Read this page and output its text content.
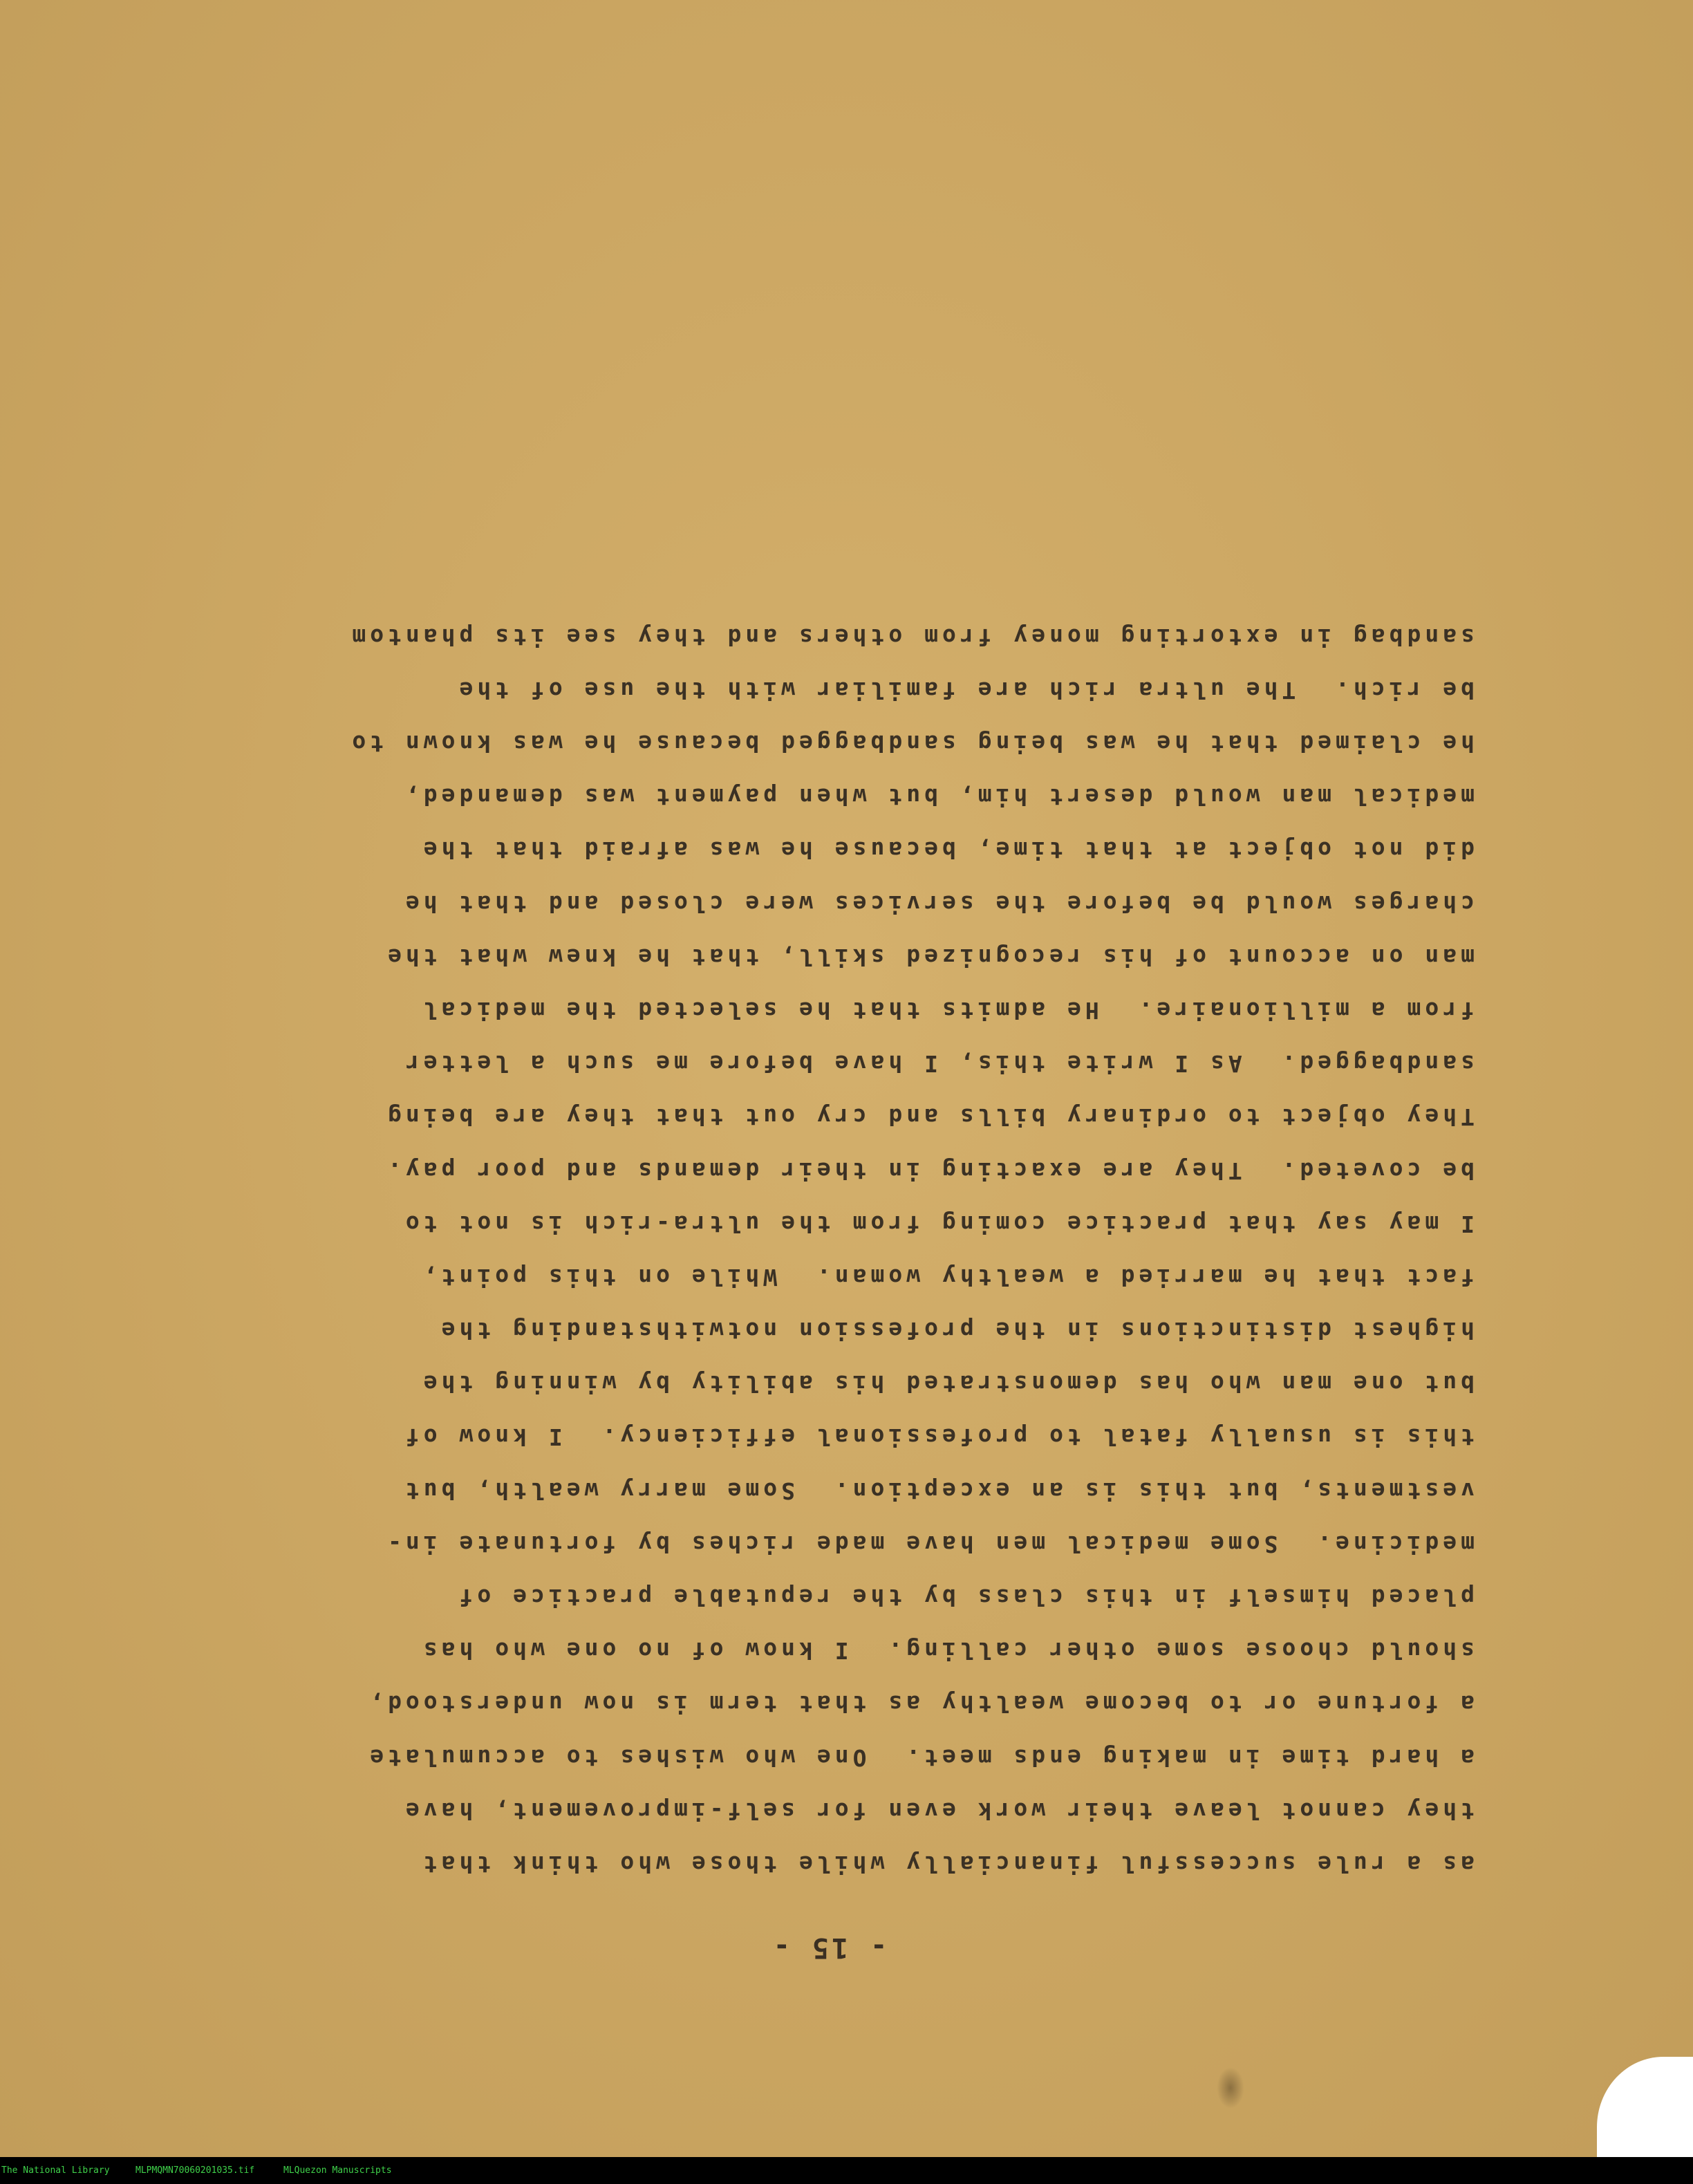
- 15 -
as a rule successful financially while those who think that
they cannot leave their work even for self-improvement, have
a hard time in making ends meet.  One who wishes to accumulate
a fortune or to become wealthy as that term is now understood,
should choose some other calling.  I know of no one who has
placed himself in this class by the reputable practice of
medicine.  Some medical men have made riches by fortunate in-
vestments, but this is an exception.  Some marry wealth, but
this is usually fatal to professional efficiency.  I know of
but one man who has demonstrated his ability by winning the
highest distinctions in the profession notwithstanding the
fact that he married a wealthy woman.  While on this point,
I may say that practice coming from the ultra-rich is not to
be coveted.  They are exacting in their demands and poor pay.
They object to ordinary bills and cry out that they are being
sandbagged.  As I write this, I have before me such a letter
from a millionaire.  He admits that he selected the medical
man on account of his recognized skill, that he knew what the
charges would be before the services were closed and that he
did not object at that time, because he was afraid that the
medical man would desert him, but when payment was demanded,
he claimed that he was being sandbagged because he was known to
be rich.  The ultra rich are familiar with the use of the
sandbag in extorting money from others and they see its phantom
The National Library	MLPMQMN70060201035.tif	MLQuezon Manuscripts
